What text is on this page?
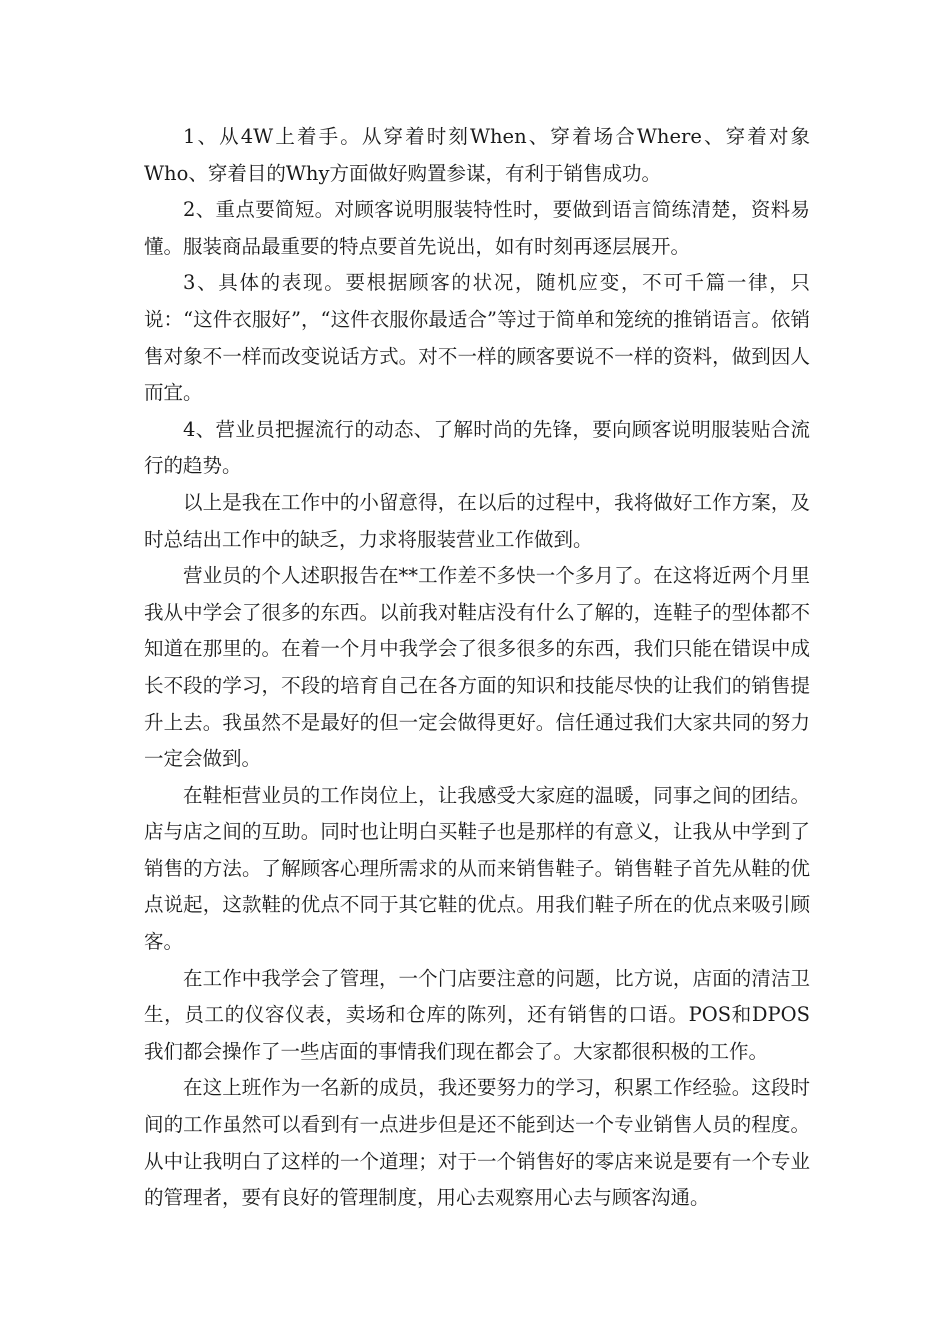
1、从4W上着手。从穿着时刻When、穿着场合Where、穿着对象Who、穿着目的Why方面做好购置参谋，有利于销售成功。

2、重点要简短。对顾客说明服装特性时，要做到语言简练清楚，资料易懂。服装商品最重要的特点要首先说出，如有时刻再逐层展开。

3、具体的表现。要根据顾客的状况，随机应变，不可千篇一律，只说：“这件衣服好”，“这件衣服你最适合”等过于简单和笼统的推销语言。依销售对象不一样而改变说话方式。对不一样的顾客要说不一样的资料，做到因人而宜。

4、营业员把握流行的动态、了解时尚的先锋，要向顾客说明服装贴合流行的趋势。

以上是我在工作中的小留意得，在以后的过程中，我将做好工作方案，及时总结出工作中的缺乏，力求将服装营业工作做到。

营业员的个人述职报告在**工作差不多快一个多月了。在这将近两个月里我从中学会了很多的东西。以前我对鞋店没有什么了解的，连鞋子的型体都不知道在那里的。在着一个月中我学会了很多很多的东西，我们只能在错误中成长不段的学习，不段的培育自己在各方面的知识和技能尽快的让我们的销售提升上去。我虽然不是最好的但一定会做得更好。信任通过我们大家共同的努力一定会做到。

在鞋柜营业员的工作岗位上，让我感受大家庭的温暖，同事之间的团结。店与店之间的互助。同时也让明白买鞋子也是那样的有意义，让我从中学到了销售的方法。了解顾客心理所需求的从而来销售鞋子。销售鞋子首先从鞋的优点说起，这款鞋的优点不同于其它鞋的优点。用我们鞋子所在的优点来吸引顾客。

在工作中我学会了管理，一个门店要注意的问题，比方说，店面的清洁卫生，员工的仪容仪表，卖场和仓库的陈列，还有销售的口语。POS和DPOS我们都会操作了一些店面的事情我们现在都会了。大家都很积极的工作。

在这上班作为一名新的成员，我还要努力的学习，积累工作经验。这段时间的工作虽然可以看到有一点进步但是还不能到达一个专业销售人员的程度。从中让我明白了这样的一个道理；对于一个销售好的零店来说是要有一个专业的管理者，要有良好的管理制度，用心去观察用心去与顾客沟通。
